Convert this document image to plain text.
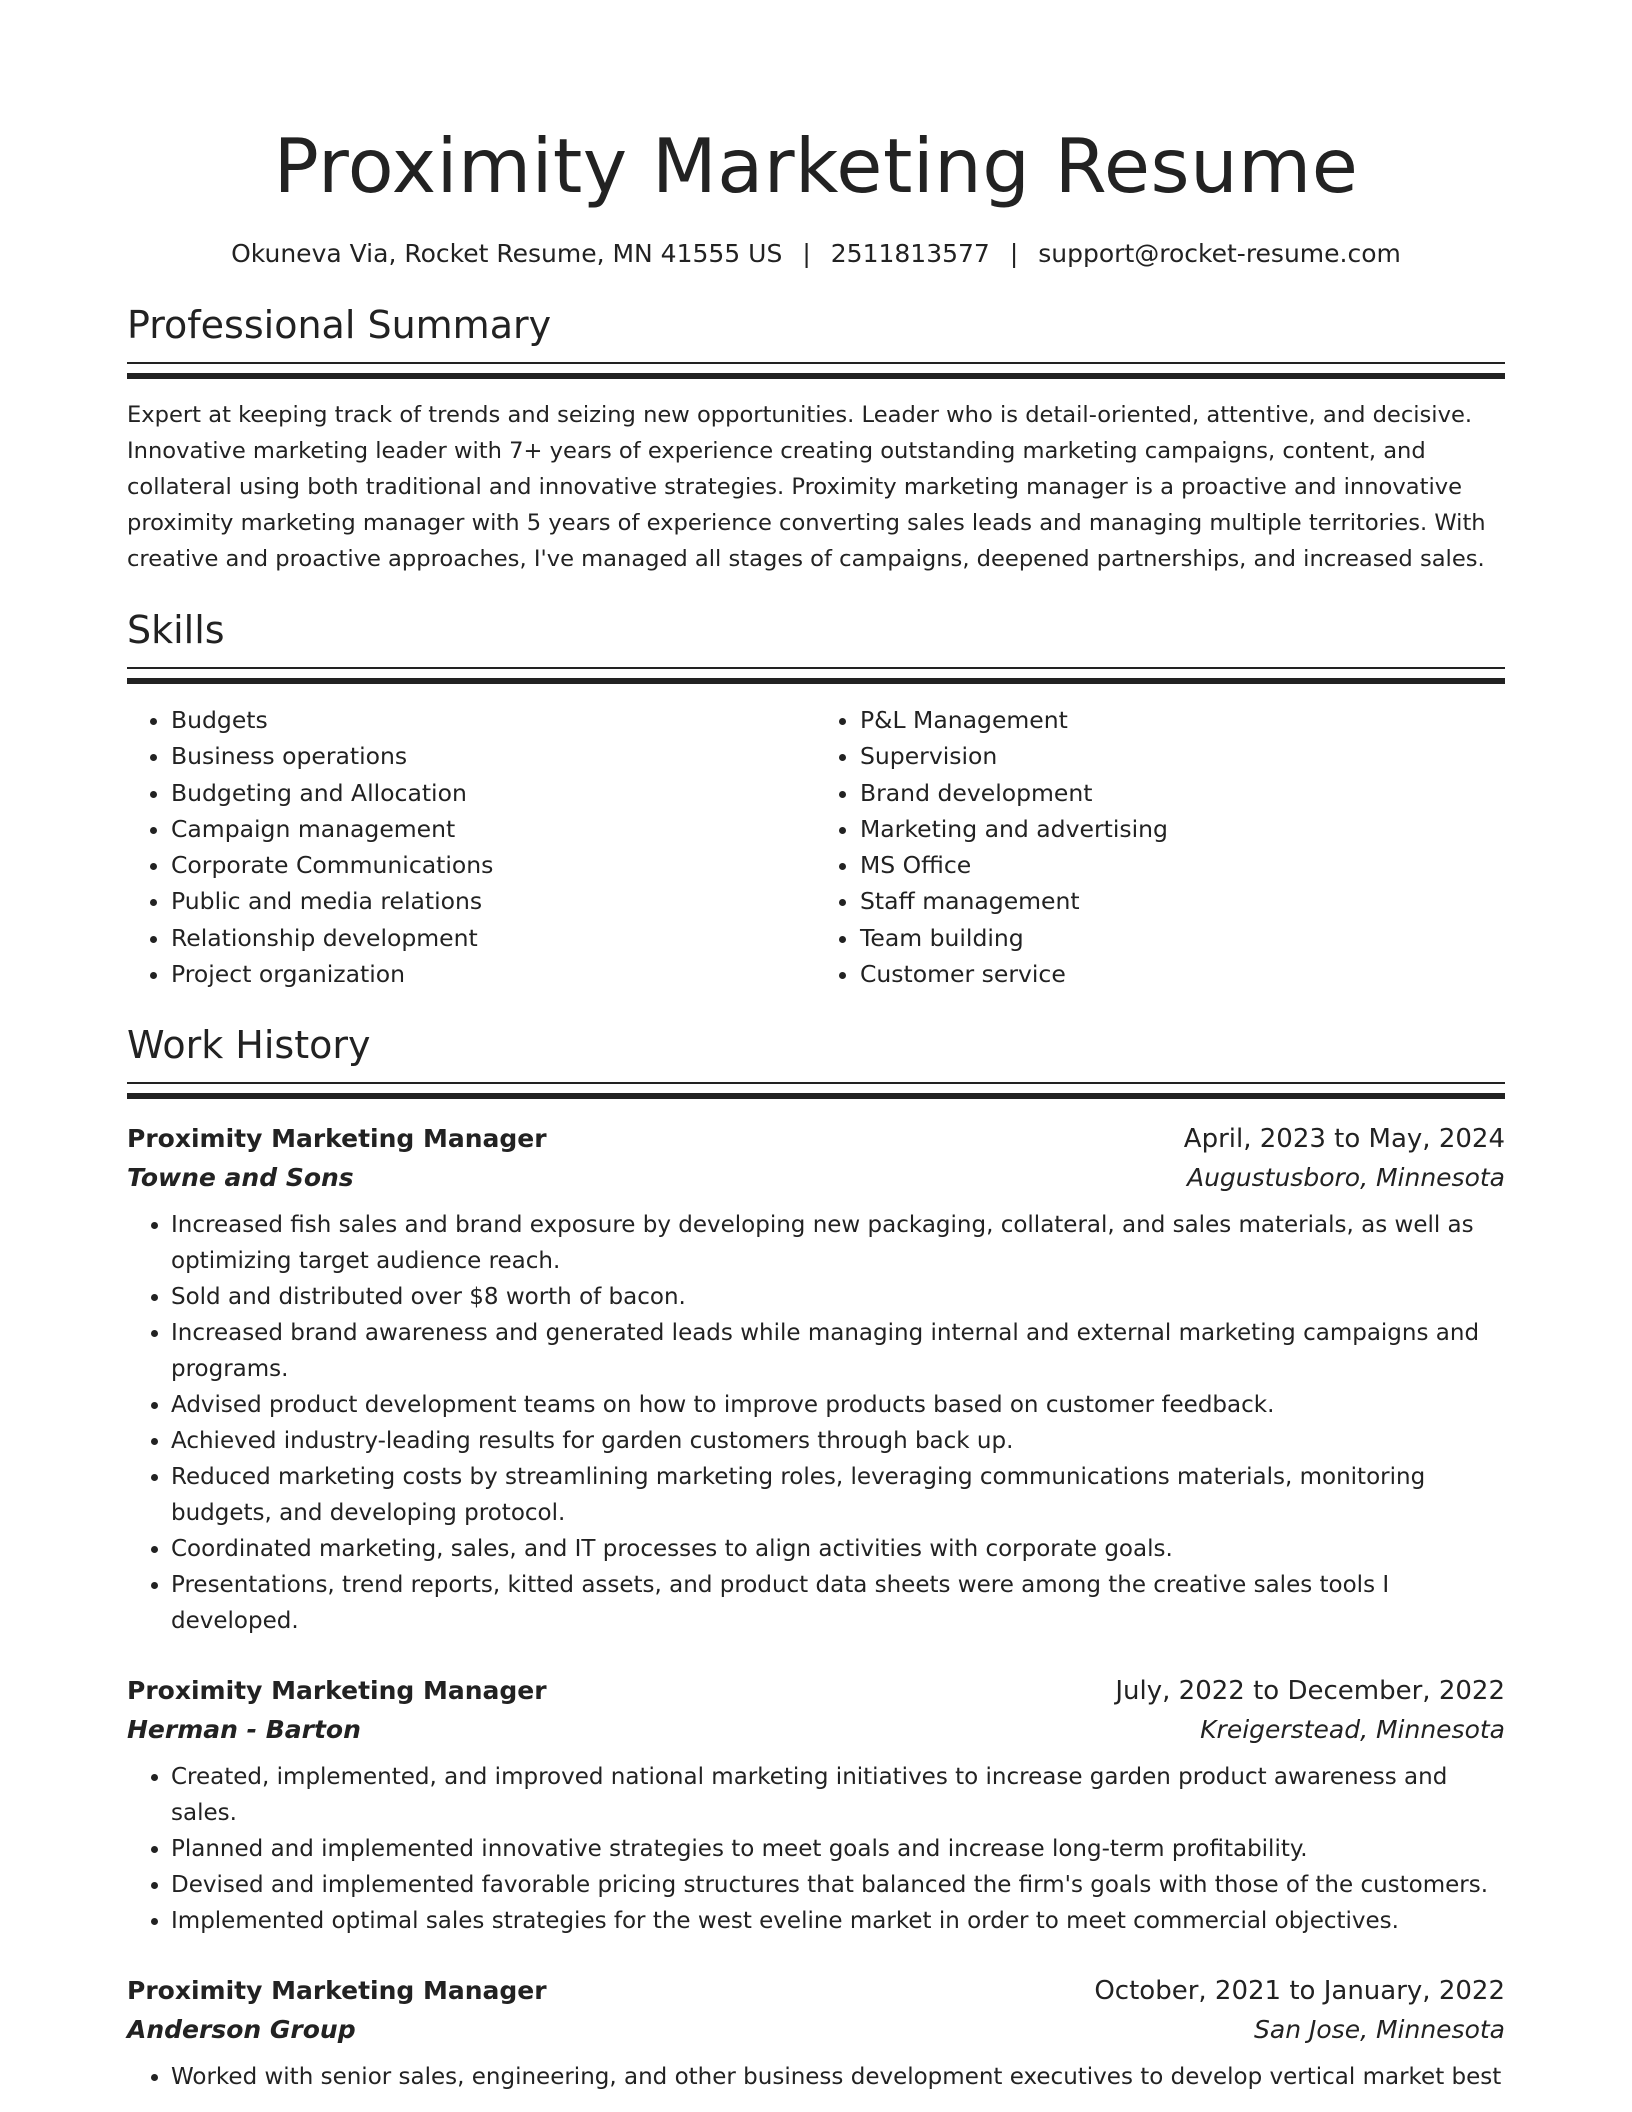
Proximity Marketing Resume
Okuneva Via, Rocket Resume, MN 41555 US | 2511813577 | support@rocket-resume.com
Professional Summary

Expert at keeping track of trends and seizing new opportunities. Leader who is detail-oriented, attentive, and decisive. Innovative marketing leader with 7+ years of experience creating outstanding marketing campaigns, content, and collateral using both traditional and innovative strategies. Proximity marketing manager is a proactive and innovative proximity marketing manager with 5 years of experience converting sales leads and managing multiple territories. With creative and proactive approaches, I've managed all stages of campaigns, deepened partnerships, and increased sales.

Skills
• Budgets
• Business operations
• Budgeting and Allocation
• Campaign management
• Corporate Communications
• Public and media relations
• Relationship development
• Project organization
• P&L Management
• Supervision
• Brand development
• Marketing and advertising
• MS Office
• Staff management
• Team building
• Customer service
Work History
Proximity Marketing Manager	April, 2023 to May, 2024
Towne and Sons	Augustusboro, Minnesota
• Increased fish sales and brand exposure by developing new packaging, collateral, and sales materials, as well as optimizing target audience reach.
• Sold and distributed over $8 worth of bacon.
• Increased brand awareness and generated leads while managing internal and external marketing campaigns and programs.
• Advised product development teams on how to improve products based on customer feedback.
• Achieved industry-leading results for garden customers through back up.
• Reduced marketing costs by streamlining marketing roles, leveraging communications materials, monitoring budgets, and developing protocol.
• Coordinated marketing, sales, and IT processes to align activities with corporate goals.
• Presentations, trend reports, kitted assets, and product data sheets were among the creative sales tools I developed.
Proximity Marketing Manager	July, 2022 to December, 2022
Herman - Barton	Kreigerstead, Minnesota
• Created, implemented, and improved national marketing initiatives to increase garden product awareness and sales.
• Planned and implemented innovative strategies to meet goals and increase long-term profitability.
• Devised and implemented favorable pricing structures that balanced the firm's goals with those of the customers.
• Implemented optimal sales strategies for the west eveline market in order to meet commercial objectives.
Proximity Marketing Manager	October, 2021 to January, 2022
Anderson Group	San Jose, Minnesota
• Worked with senior sales, engineering, and other business development executives to develop vertical market best
